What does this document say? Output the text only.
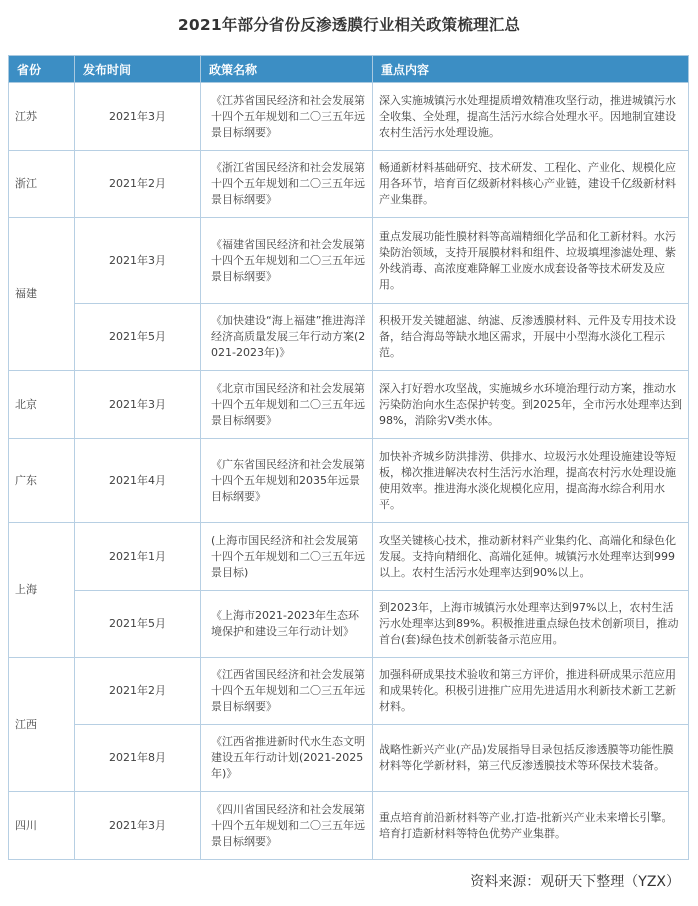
2021年部分省份反渗透膜行业相关政策梳理汇总
省份	发布时间	政策名称	重点内容
江苏	2021年3月	《江苏省国民经济和社会发展第十四个五年规划和二〇三五年远景目标纲要》	深入实施城镇污水处理提质增效精准攻坚行动，推进城镇污水全收集、全处理，提高生活污水综合处理水平。因地制宜建设农村生活污水处理设施。

浙江	2021年2月	《浙江省国民经济和社会发展第十四个五年规划和二〇三五年远景目标纲要》	畅通新材料基础研究、技术研发、工程化、产业化、规模化应用各环节，培育百亿级新材料核心产业链，建设千亿级新材料产业集群。

福建	2021年3月	《福建省国民经济和社会发展第十四个五年规划和二〇三五年远景目标纲要》	重点发展功能性膜材料等高端精细化学品和化工新材料。水污染防治领域，支持开展膜材料和组件、垃圾填埋渗滤处理、紫外线消毒、高浓度难降解工业废水成套设备等技术研发及应用。

	2021年5月	《加快建设“海上福建”推进海洋经济高质量发展三年行动方案(2021-2023年)》	积极开发关键超滤、纳滤、反渗透膜材料、元件及专用技术设备，结合海岛等缺水地区需求，开展中小型海水淡化工程示范。

北京	2021年3月	《北京市国民经济和社会发展第十四个五年规划和二〇三五年远景目标纲要》	深入打好碧水攻坚战，实施城乡水环境治理行动方案，推动水污染防治向水生态保护转变。到2025年，全市污水处理率达到98%，消除劣V类水体。

广东	2021年4月	《广东省国民经济和社会发展第十四个五年规划和2035年远景目标纲要》	加快补齐城乡防洪排涝、供排水、垃圾污水处理设施建设等短板，梯次推进解决农村生活污水治理，提高农村污水处理设施使用效率。推进海水淡化规模化应用，提高海水综合利用水平。

上海	2021年1月	(上海市国民经济和社会发展第十四个五年规划和二〇三五年远景目标)	攻坚关键核心技术，推动新材料产业集约化、高端化和绿色化发展。支持向精细化、高端化延伸。城镇污水处理率达到999以上。农村生活污水处理率达到90%以上。

	2021年5月	《上海市2021-2023年生态环境保护和建设三年行动计划》	到2023年，上海市城镇污水处理率达到97%以上，农村生活污水处理率达到89%。积极推进重点绿色技术创新项目，推动首台(套)绿色技术创新装备示范应用。

江西	2021年2月	《江西省国民经济和社会发展第十四个五年规划和二〇三五年远景目标纲要》	加强科研成果技术验收和第三方评价，推进科研成果示范应用和成果转化。积极引进推广应用先进适用水利新技术新工艺新材料。

	2021年8月	《江西省推进新时代水生态文明建设五年行动计划(2021-2025年)》	战略性新兴产业(产品)发展指导目录包括反渗透膜等功能性膜材料等化学新材料，第三代反渗透膜技术等环保技术装备。

四川	2021年3月	《四川省国民经济和社会发展第十四个五年规划和二〇三五年远景目标纲要》	重点培育前沿新材料等产业,打造-批新兴产业未来增长引擎。培育打造新材料等特色优势产业集群。
资料来源：观研天下整理（YZX）
